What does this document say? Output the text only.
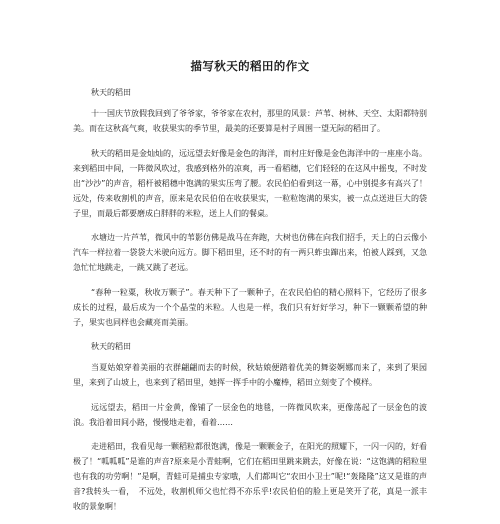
描写秋天的稻田的作文

秋天的稻田

十一国庆节放假我回到了爷爷家，爷爷家在农村，那里的风景：芦苇、树林、天空、太阳都特别美。而在这秋高气爽，收获果实的季节里，最美的还要算是村子周围一望无际的稻田了。

秋天的稻田是金灿灿的，远远望去好像是金色的海洋，而村庄好像是金色海洋中的一座座小岛。来到稻田中间，一阵微风吹过，我感到格外的凉爽，再一看稻穗，它们轻轻的在这风中摇曳，不时发出“沙沙”的声音，稻杆被稻穗中饱满的果实压弯了腰。农民伯伯看到这一幕，心中别提多有高兴了！远处，传来收割机的声音，原来是农民伯伯在收获果实，一粒粒饱满的果实，被一点点送进巨大的袋子里，而最后都要磨成白胖胖的米粒，送上人们的餐桌。

水塘边一片芦苇，微风中的苇影仿佛是战马在奔跑，大树也仿佛在向我们招手，天上的白云像小汽车一样拉着一袋袋大米驶向远方。脚下稻田里，还不时的有一两只蚱虫蹿出来，怕被人踩到，又急急忙忙地跳走，一跳又跳了老远。

“春种一粒粟，秋收万颗子”。春天种下了一颗种子，在农民伯伯的精心照料下，它经历了很多成长的过程，最后成为一个个晶莹的米粒。人也是一样，我们只有好好学习，种下一颗颗希望的种子，果实也同样也会藏亮而美丽。

秋天的稻田

当夏姑娘穿着美丽的衣群翩翩而去的时候，秋姑娘便踏着优美的舞姿婀娜而来了，来到了果园里，来到了山坡上，也来到了稻田里，她挥一挥手中的小魔棒，稻田立刻变了个模样。

远远望去，稻田一片金黄，像铺了一层金色的地毯，一阵微风吹来，更像荡起了一层金色的波浪。我沿着田间小路，慢慢地走着，看着……

走进稻田，我看见每一颗稻粒都很饱满，像是一颗颗金子，在阳光的照耀下，一闪一闪的，好看极了！“呱呱呱”是谁的声音?原来是小青蛙啊，它们在稻田里跳来跳去，好像在说：“这饱满的稻粒里也有我的功劳啊！”是啊，青蛙可是捕虫专家哦，人们都叫它“农田小卫士”呢!“轰隆隆”这又是谁的声音?我转头一看，　不远处，收割机师父也忙得不亦乐乎!农民伯伯的脸上更是笑开了花，真是一派丰收的景象啊！
